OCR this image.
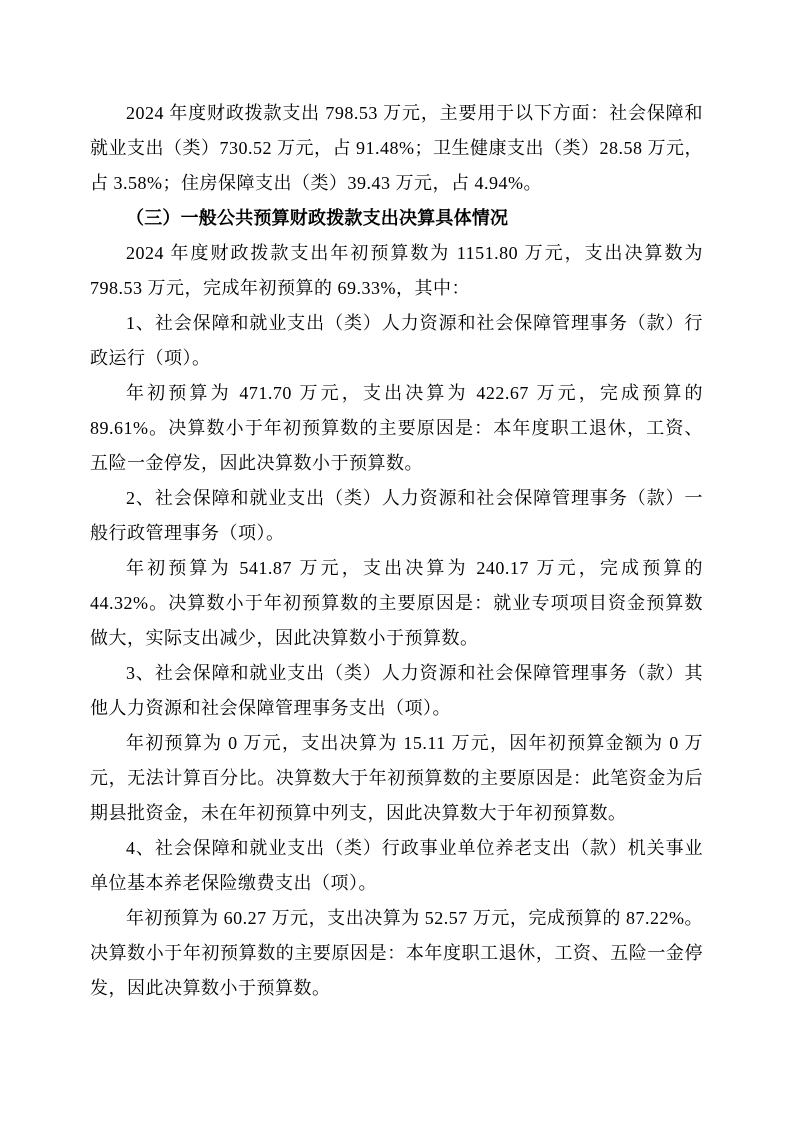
2024 年度财政拨款支出 798.53 万元，主要用于以下方面：社会保障和就业支出（类）730.52 万元，占 91.48%；卫生健康支出（类）28.58 万元，占 3.58%；住房保障支出（类）39.43 万元，占 4.94%。

（三）一般公共预算财政拨款支出决算具体情况

2024 年度财政拨款支出年初预算数为 1151.80 万元，支出决算数为 798.53 万元，完成年初预算的 69.33%，其中：

1、社会保障和就业支出（类）人力资源和社会保障管理事务（款）行政运行（项）。

年初预算为 471.70 万元，支出决算为 422.67 万元，完成预算的 89.61%。决算数小于年初预算数的主要原因是：本年度职工退休，工资、五险一金停发，因此决算数小于预算数。

2、社会保障和就业支出（类）人力资源和社会保障管理事务（款）一般行政管理事务（项）。

年初预算为 541.87 万元，支出决算为 240.17 万元，完成预算的 44.32%。决算数小于年初预算数的主要原因是：就业专项项目资金预算数做大，实际支出减少，因此决算数小于预算数。

3、社会保障和就业支出（类）人力资源和社会保障管理事务（款）其他人力资源和社会保障管理事务支出（项）。

年初预算为 0 万元，支出决算为 15.11 万元，因年初预算金额为 0 万元，无法计算百分比。决算数大于年初预算数的主要原因是：此笔资金为后期县批资金，未在年初预算中列支，因此决算数大于年初预算数。

4、社会保障和就业支出（类）行政事业单位养老支出（款）机关事业单位基本养老保险缴费支出（项）。

年初预算为 60.27 万元，支出决算为 52.57 万元，完成预算的 87.22%。决算数小于年初预算数的主要原因是：本年度职工退休，工资、五险一金停发，因此决算数小于预算数。
